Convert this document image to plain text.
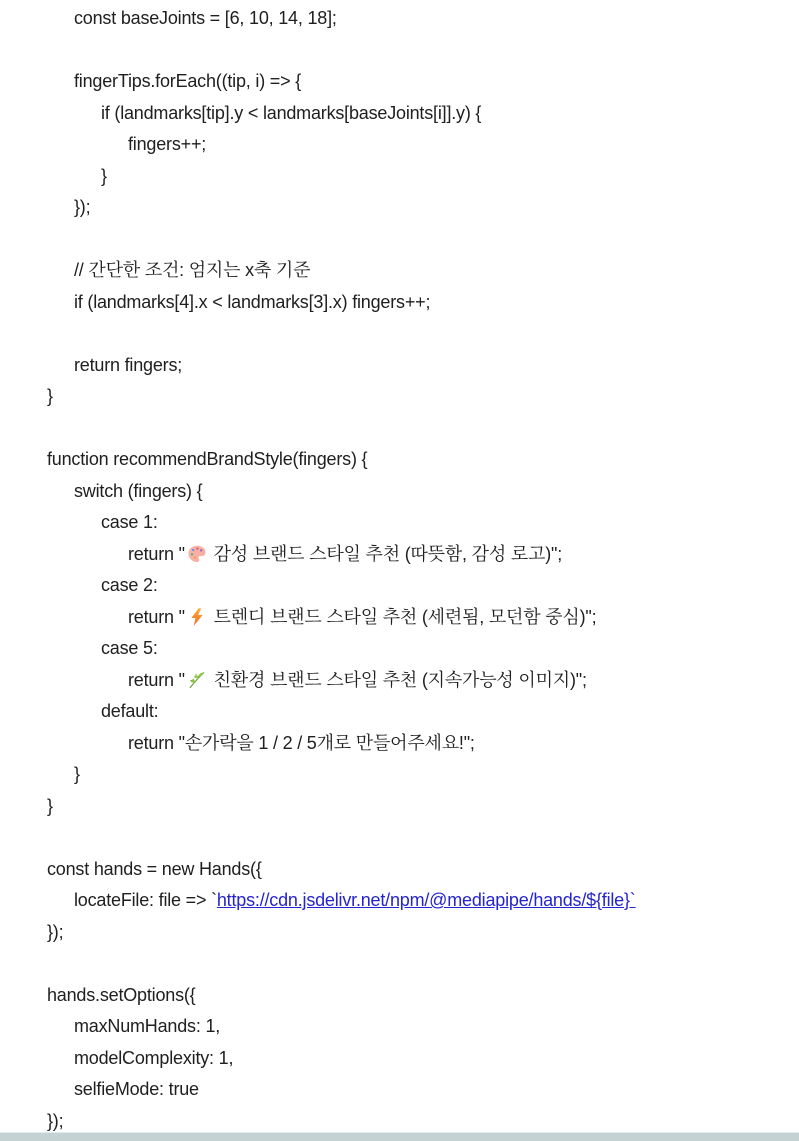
const baseJoints = [6, 10, 14, 18];
fingerTips.forEach((tip, i) => {
if (landmarks[tip].y < landmarks[baseJoints[i]].y) {
fingers++;
}
});
// 간단한 조건: 엄지는 x축 기준
if (landmarks[4].x < landmarks[3].x) fingers++;
return fingers;
}
function recommendBrandStyle(fingers) {
switch (fingers) {
case 1:
return "
감성 브랜드 스타일 추천 (따뜻함, 감성 로고)";
case 2:
return "
트렌디 브랜드 스타일 추천 (세련됨, 모던함 중심)";
case 5:
return "
친환경 브랜드 스타일 추천 (지속가능성 이미지)";
default:
return "손가락을 1 / 2 / 5개로 만들어주세요!";
}
}
const hands = new Hands({
locateFile: file => `https://cdn.jsdelivr.net/npm/@mediapipe/hands/${file}`
});
hands.setOptions({
maxNumHands: 1,
modelComplexity: 1,
selfieMode: true
});
